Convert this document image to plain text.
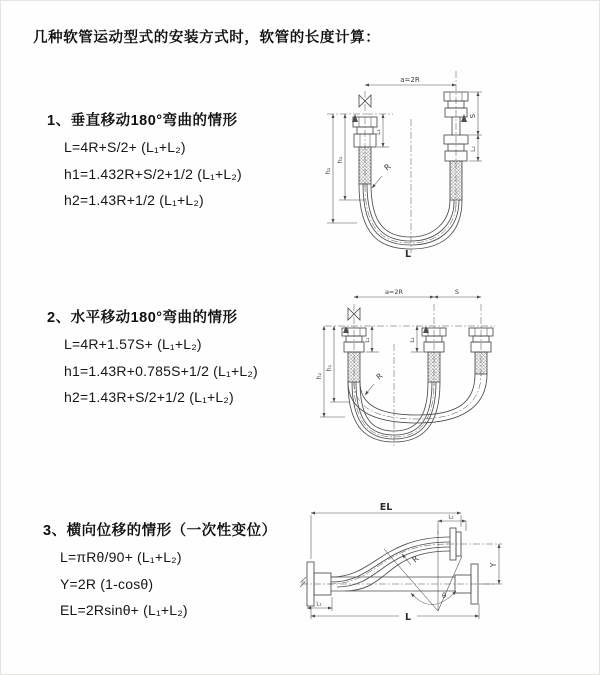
几种软管运动型式的安装方式时，软管的长度计算：
1、垂直移动180°弯曲的情形
L=4R+S/2+ (L₁+L₂)
h1=1.432R+S/2+1/2 (L₁+L₂)
h2=1.43R+1/2 (L₁+L₂)
2、水平移动180°弯曲的情形
L=4R+1.57S+ (L₁+L₂)
h1=1.43R+0.785S+1/2 (L₁+L₂)
h2=1.43R+S/2+1/2 (L₁+L₂)
3、横向位移的情形（一次性变位）
L=πRθ/90+ (L₁+L₂)
Y=2R (1-cosθ)
EL=2Rsinθ+ (L₁+L₂)
a=2R
R
h₂
h₁
L₁
S
L₂
L
a=2R	S
R
h₂
h₁
L₁	L₂
EL
L₂
θ
R
Y
L
L₁
